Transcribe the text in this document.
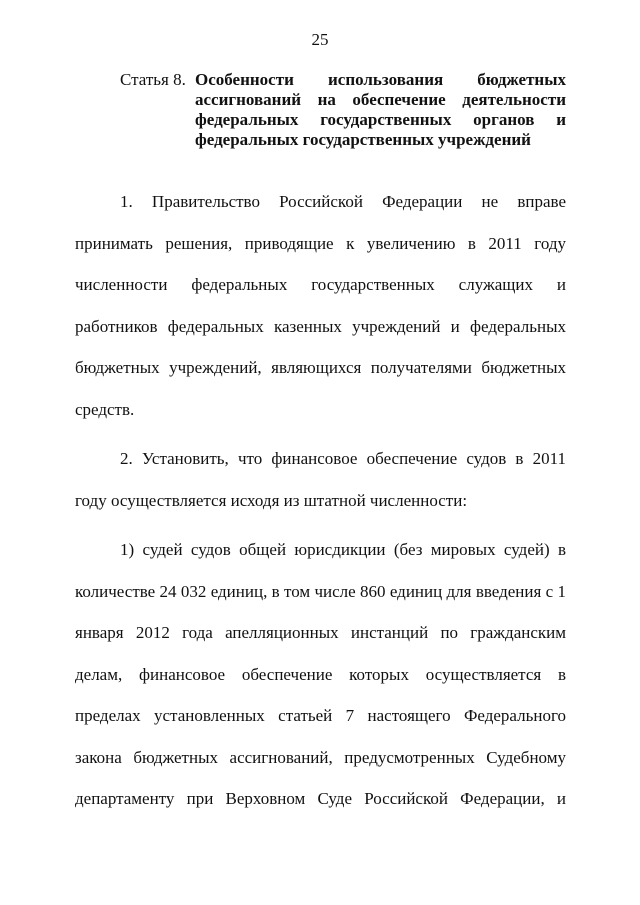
25
Статья 8. Особенности использования бюджетных ассигнований на обеспечение деятельности федеральных государственных органов и федеральных государственных учреждений

1. Правительство Российской Федерации не вправе принимать решения, приводящие к увеличению в 2011 году численности федеральных государственных служащих и работников федеральных казенных учреждений и федеральных бюджетных учреждений, являющихся получателями бюджетных средств.

2. Установить, что финансовое обеспечение судов в 2011 году осуществляется исходя из штатной численности:

1) судей судов общей юрисдикции (без мировых судей) в количестве 24 032 единиц, в том числе 860 единиц для введения с 1 января 2012 года апелляционных инстанций по гражданским делам, финансовое обеспечение которых осуществляется в пределах установленных статьей 7 настоящего Федерального закона бюджетных ассигнований, предусмотренных Судебному департаменту при Верховном Суде Российской Федерации, и
